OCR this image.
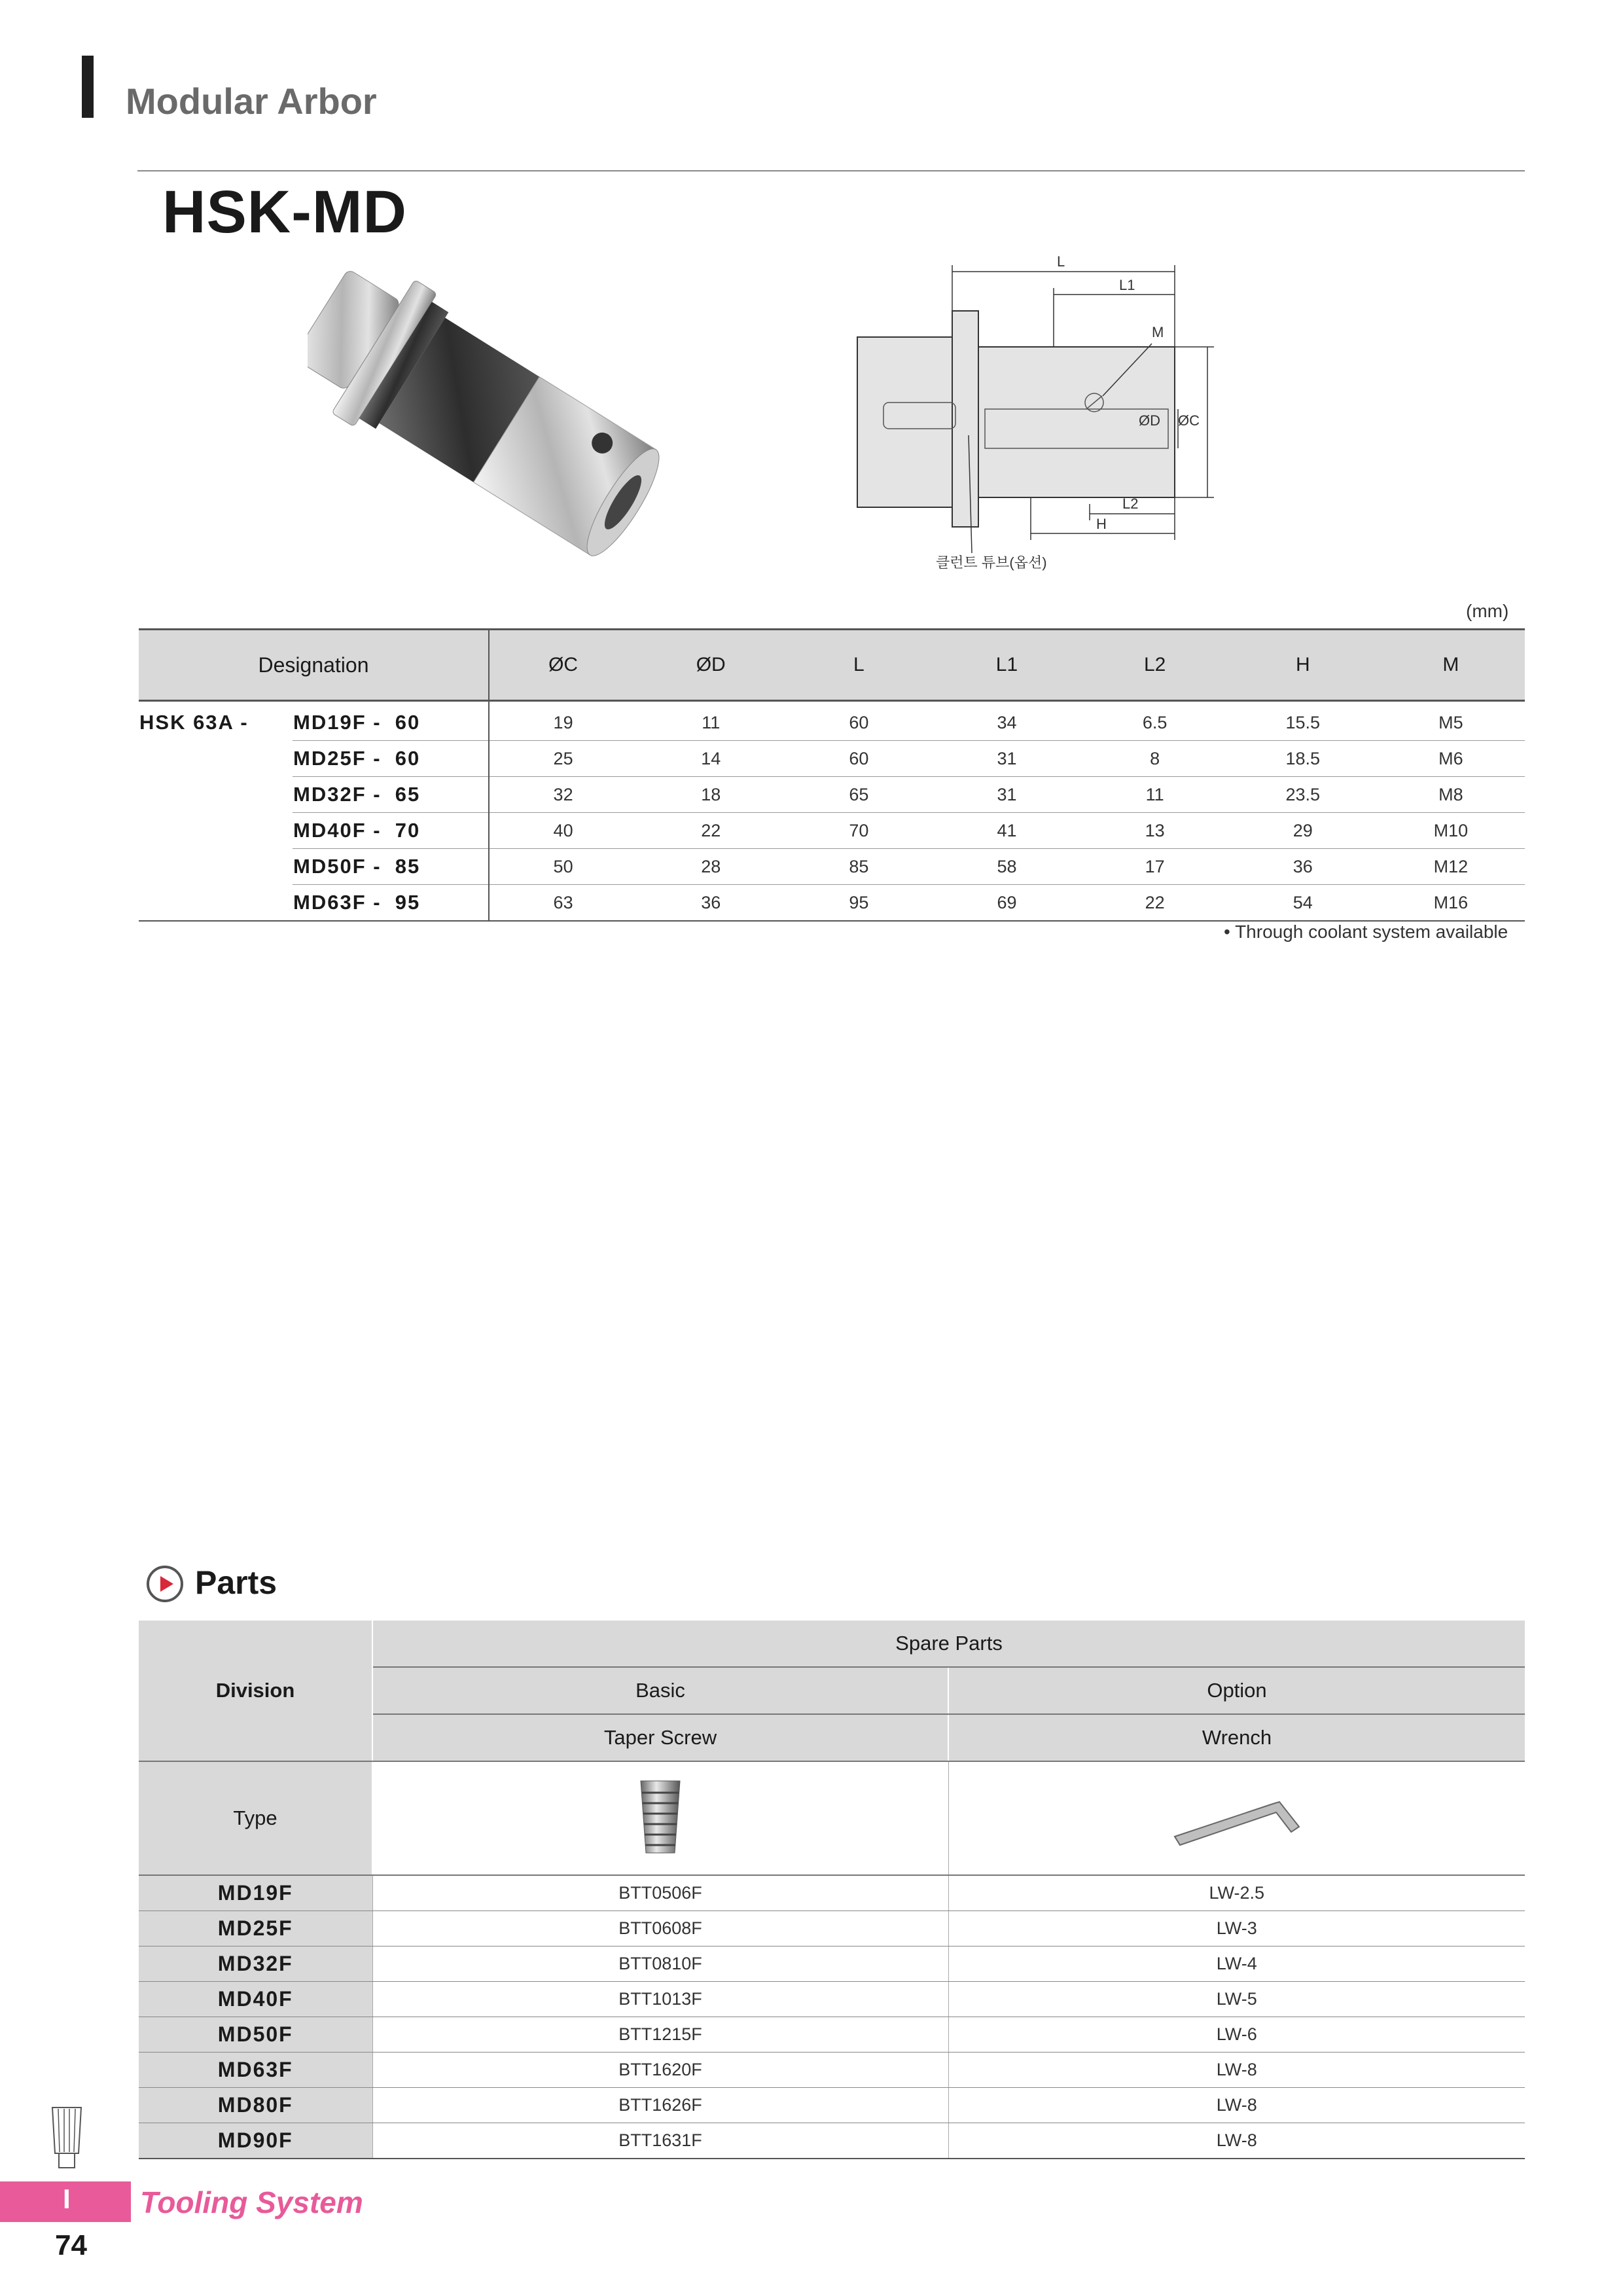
Modular Arbor
HSK-MD
L
L1
M
ØD ØC
L2
H
클런트 튜브(옵션)
(mm)
Designation		ØC	ØD	L	L1	L2	H	M
HSK 63A -	MD19F -  60	19	11	60	34	6.5	15.5	M5
	MD25F -  60	25	14	60	31	8	18.5	M6
	MD32F -  65	32	18	65	31	11	23.5	M8
	MD40F -  70	40	22	70	41	13	29	M10
	MD50F -  85	50	28	85	58	17	36	M12
	MD63F -  95	63	36	95	69	22	54	M16
• Through coolant system available
Parts
Division	Spare Parts	
	Basic	Option
	Taper Screw	Wrench
Type		
MD19F	BTT0506F	LW-2.5
MD25F	BTT0608F	LW-3
MD32F	BTT0810F	LW-4
MD40F	BTT1013F	LW-5
MD50F	BTT1215F	LW-6
MD63F	BTT1620F	LW-8
MD80F	BTT1626F	LW-8
MD90F	BTT1631F	LW-8
I Tooling System
74
